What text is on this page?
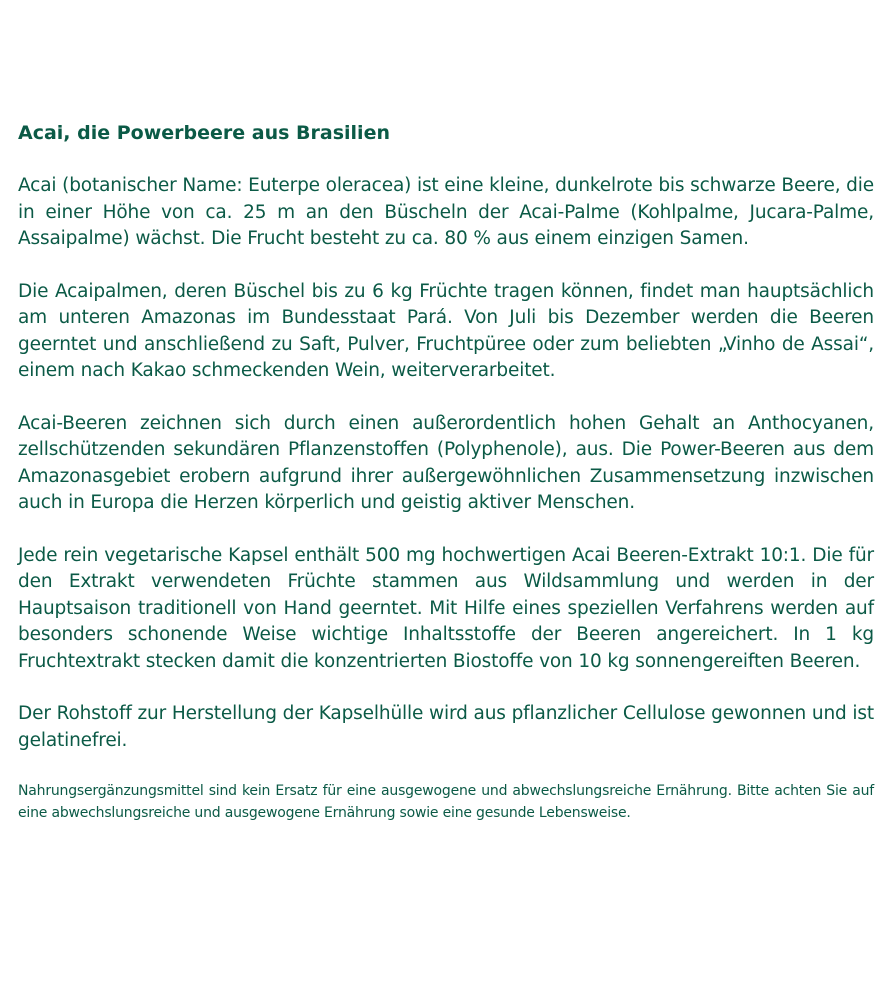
Acai, die Powerbeere aus Brasilien

Acai (botanischer Name: Euterpe oleracea) ist eine kleine, dunkelrote bis schwarze Beere, die in einer Höhe von ca. 25 m an den Büscheln der Acai-Palme (Kohlpalme, Jucara-Palme, Assaipalme) wächst. Die Frucht besteht zu ca. 80 % aus einem einzigen Samen.

Die Acaipalmen, deren Büschel bis zu 6 kg Früchte tragen können, findet man hauptsächlich am unteren Amazonas im Bundesstaat Pará. Von Juli bis Dezember werden die Beeren geerntet und anschließend zu Saft, Pulver, Fruchtpüree oder zum beliebten „Vinho de Assai“, einem nach Kakao schmeckenden Wein, weiterverarbeitet.

Acai-Beeren zeichnen sich durch einen außerordentlich hohen Gehalt an Anthocyanen, zellschützenden sekundären Pflanzenstoffen (Polyphenole), aus. Die Power-Beeren aus dem Amazonasgebiet erobern aufgrund ihrer außergewöhnlichen Zusammensetzung inzwischen auch in Europa die Herzen körperlich und geistig aktiver Menschen.

Jede rein vegetarische Kapsel enthält 500 mg hochwertigen Acai Beeren-Extrakt 10:1. Die für den Extrakt verwendeten Früchte stammen aus Wildsammlung und werden in der Hauptsaison traditionell von Hand geerntet. Mit Hilfe eines speziellen Verfahrens werden auf besonders schonende Weise wichtige Inhaltsstoffe der Beeren angereichert. In 1 kg Fruchtextrakt stecken damit die konzentrierten Biostoffe von 10 kg sonnengereiften Beeren.

Der Rohstoff zur Herstellung der Kapselhülle wird aus pflanzlicher Cellulose gewonnen und ist gelatinefrei.

Nahrungsergänzungsmittel sind kein Ersatz für eine ausgewogene und abwechslungsreiche Ernährung. Bitte achten Sie auf eine abwechslungsreiche und ausgewogene Ernährung sowie eine gesunde Lebensweise.
